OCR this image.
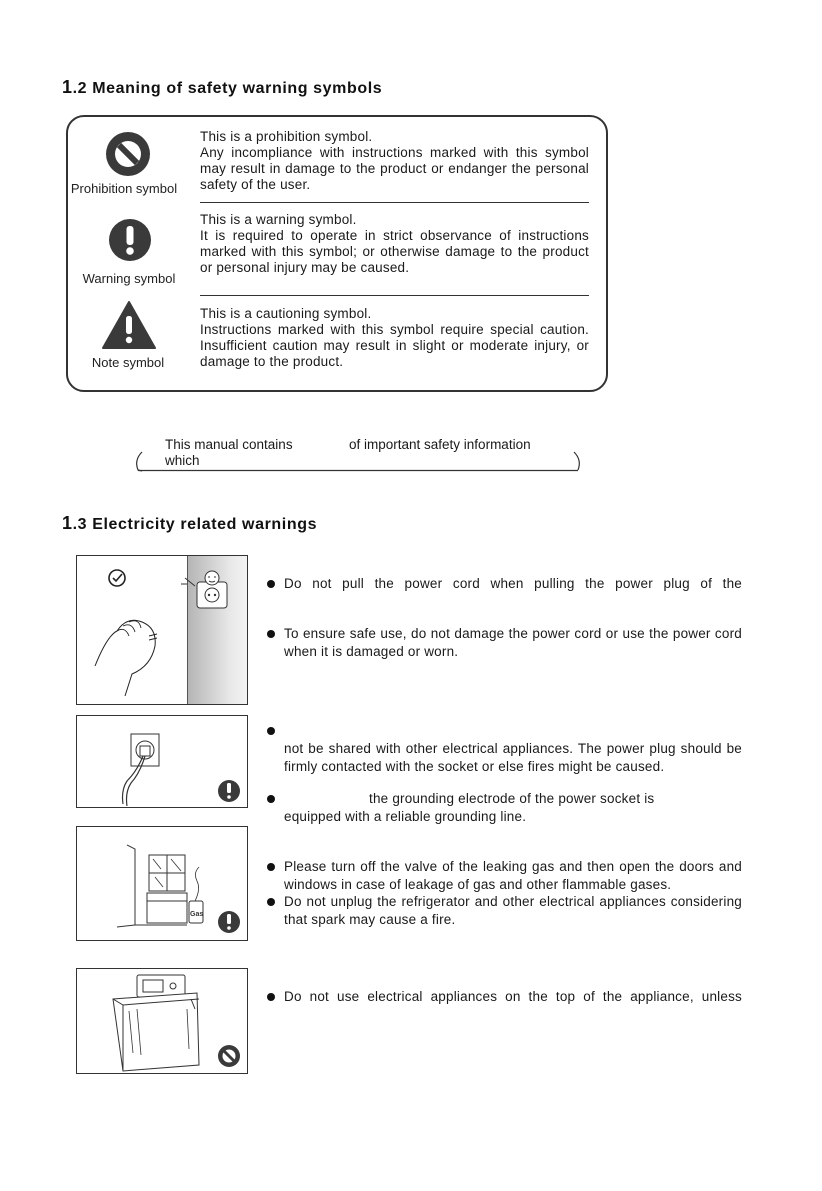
1.2 Meaning of safety warning symbols
Prohibition symbol
This is a prohibition symbol.
Any incompliance with instructions marked with this symbol may result in damage to the product or endanger the personal safety of the user.
Warning symbol
This is a warning symbol.
It is required to operate in strict observance of instructions marked with this symbol; or otherwise damage to the product or personal injury may be caused.
Note symbol
This is a cautioning symbol.
Instructions marked with this symbol require special caution. Insufficient caution may result in slight or moderate injury, or damage to the product.
This manual contains	of important safety information
which
1.3 Electricity related warnings
Do not pull the power cord when pulling the power plug of the
To ensure safe use, do not damage the power cord or use the power cord when it is damaged or worn.
not be shared with other electrical appliances. The power plug should be firmly contacted with the socket or else fires might be caused.
the grounding electrode of the power socket is
equipped with a reliable grounding line.
Gas
Please turn off the valve of the leaking gas and then open the doors and windows in case of leakage of gas and other flammable gases.
Do not unplug the refrigerator and other electrical appliances considering that spark may cause a fire.
Do not use electrical appliances on the top of the appliance, unless
